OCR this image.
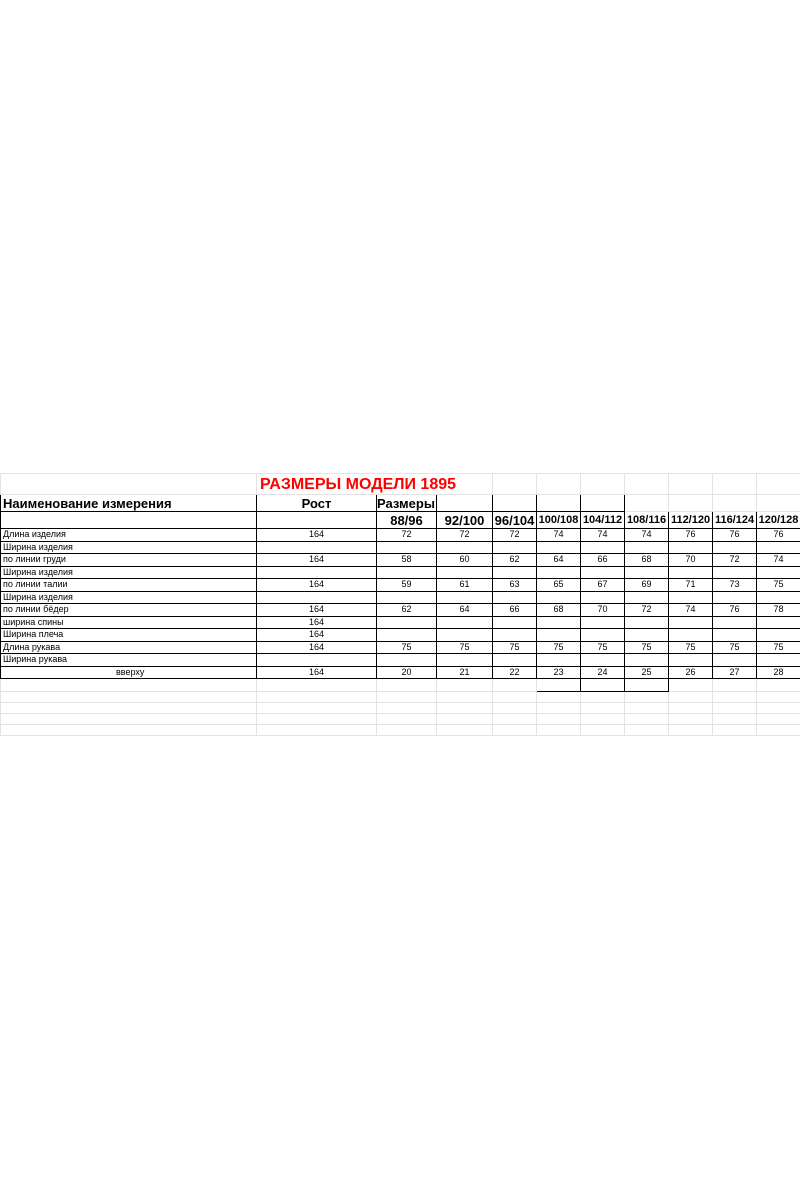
	РАЗМЕРЫ МОДЕЛИ 1895									
Наименование измерения	Рост	Размеры								
		88/96	92/100	96/104	100/108	104/112	108/116	112/120	116/124	120/128
Длина изделия	164	72	72	72	74	74	74	76	76	76
Ширина изделия										
по линии груди	164	58	60	62	64	66	68	70	72	74
Ширина изделия										
по линии талии	164	59	61	63	65	67	69	71	73	75
Ширина изделия										
по линии бёдер	164	62	64	66	68	70	72	74	76	78
ширина спины	164									
Ширина плеча	164									
Длина рукава	164	75	75	75	75	75	75	75	75	75
Ширина рукава										
вверху	164	20	21	22	23	24	25	26	27	28
